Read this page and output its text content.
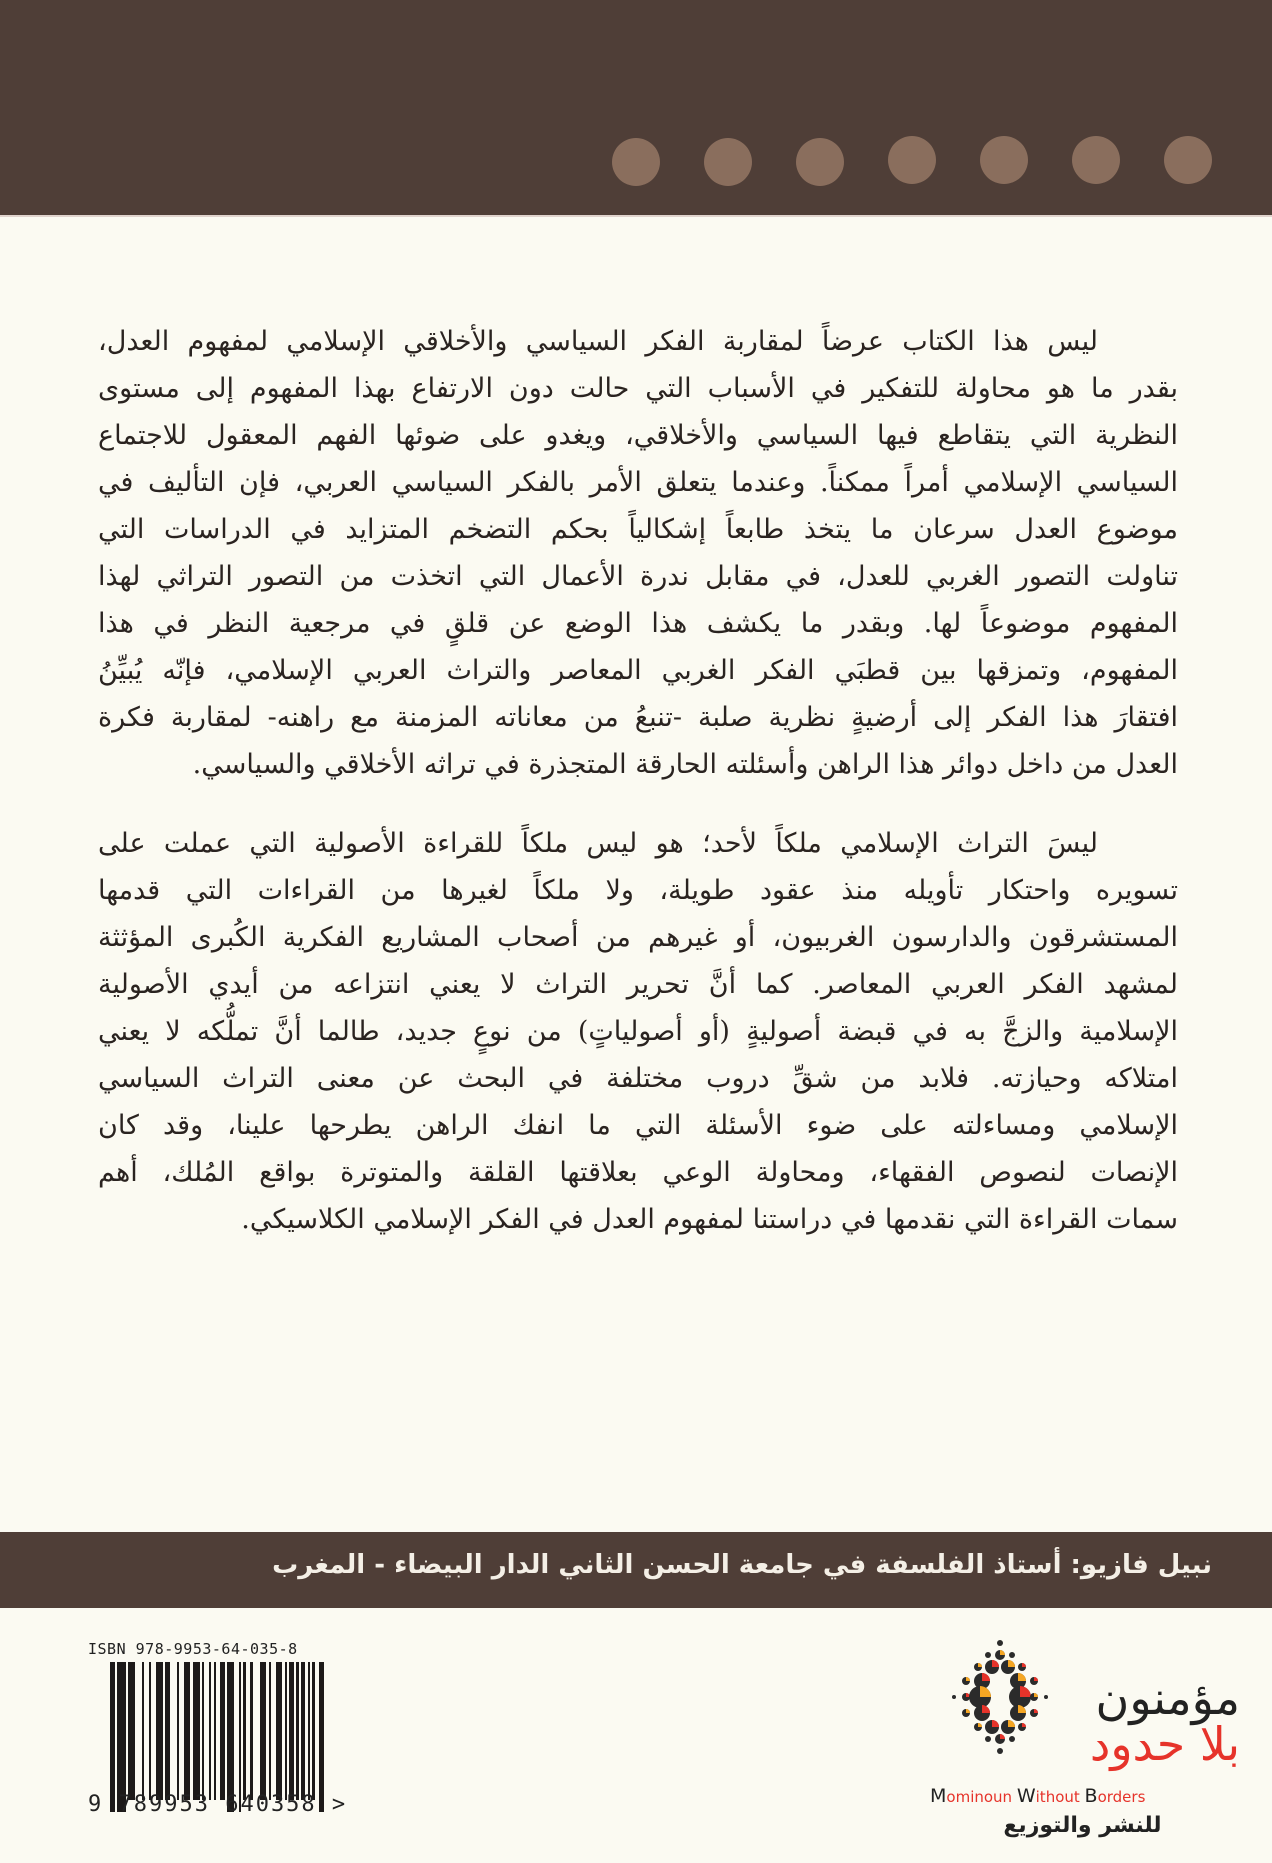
ليس هذا الكتاب عرضاً لمقاربة الفكر السياسي والأخلاقي الإسلامي لمفهوم العدل،
بقدر ما هو محاولة للتفكير في الأسباب التي حالت دون الارتفاع بهذا المفهوم إلى مستوى
النظرية التي يتقاطع فيها السياسي والأخلاقي، ويغدو على ضوئها الفهم المعقول للاجتماع
السياسي الإسلامي أمراً ممكناً. وعندما يتعلق الأمر بالفكر السياسي العربي، فإن التأليف في
موضوع العدل سرعان ما يتخذ طابعاً إشكالياً بحكم التضخم المتزايد في الدراسات التي
تناولت التصور الغربي للعدل، في مقابل ندرة الأعمال التي اتخذت من التصور التراثي لهذا
المفهوم موضوعاً لها. وبقدر ما يكشف هذا الوضع عن قلقٍ في مرجعية النظر في هذا
المفهوم، وتمزقها بين قطبَي الفكر الغربي المعاصر والتراث العربي الإسلامي، فإنّه يُبيِّنُ
افتقارَ هذا الفكر إلى أرضيةٍ نظرية صلبة -تنبعُ من معاناته المزمنة مع راهنه- لمقاربة فكرة
العدل من داخل دوائر هذا الراهن وأسئلته الحارقة المتجذرة في تراثه الأخلاقي والسياسي.

ليسَ التراث الإسلامي ملكاً لأحد؛ هو ليس ملكاً للقراءة الأصولية التي عملت على
تسويره واحتكار تأويله منذ عقود طويلة، ولا ملكاً لغيرها من القراءات التي قدمها
المستشرقون والدارسون الغربيون، أو غيرهم من أصحاب المشاريع الفكرية الكُبرى المؤثثة
لمشهد الفكر العربي المعاصر. كما أنَّ تحرير التراث لا يعني انتزاعه من أيدي الأصولية
الإسلامية والزجَّ به في قبضة أصوليةٍ (أو أصولياتٍ) من نوعٍ جديد، طالما أنَّ تملُّكه لا يعني
امتلاكه وحيازته. فلابد من شقِّ دروب مختلفة في البحث عن معنى التراث السياسي
الإسلامي ومساءلته على ضوء الأسئلة التي ما انفك الراهن يطرحها علينا، وقد كان
الإنصات لنصوص الفقهاء، ومحاولة الوعي بعلاقتها القلقة والمتوترة بواقع المُلك، أهم
سمات القراءة التي نقدمها في دراستنا لمفهوم العدل في الفكر الإسلامي الكلاسيكي.

نبيل فازيو: أستاذ الفلسفة في جامعة الحسن الثاني الدار البيضاء - المغرب
ISBN 978-9953-64-035-8
9 789953 640358 >
مؤمنون
بلا حدود
Mominoun Without Borders
للنشر والتوزيع
